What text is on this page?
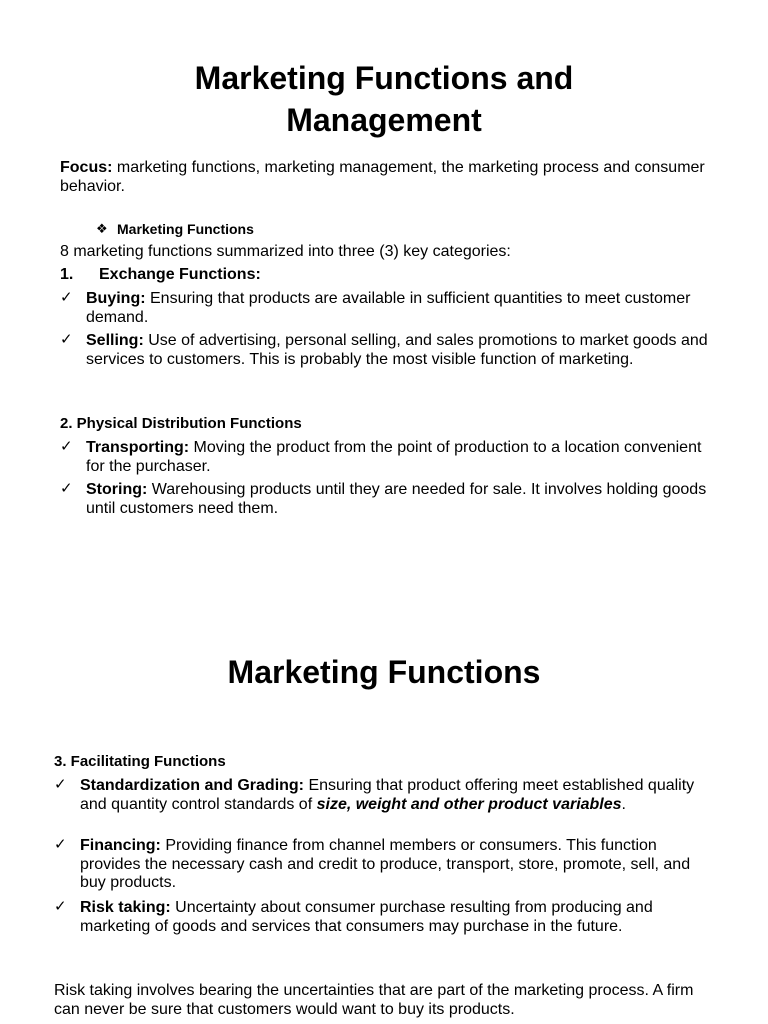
Marketing Functions and
Management
Focus: marketing functions, marketing management, the marketing process and consumer behavior.
❖ Marketing Functions
8 marketing functions summarized into three (3) key categories:
1. Exchange Functions:
✓ Buying: Ensuring that products are available in sufficient quantities to meet customer demand.
✓ Selling: Use of advertising, personal selling, and sales promotions to market goods and services to customers. This is probably the most visible function of marketing.
2. Physical Distribution Functions
✓ Transporting: Moving the product from the point of production to a location convenient for the purchaser.
✓ Storing: Warehousing products until they are needed for sale. It involves holding goods until customers need them.
Marketing Functions
3. Facilitating Functions
✓ Standardization and Grading: Ensuring that product offering meet established quality and quantity control standards of size, weight and other product variables.
✓ Financing: Providing finance from channel members or consumers. This function provides the necessary cash and credit to produce, transport, store, promote, sell, and buy products.
✓ Risk taking: Uncertainty about consumer purchase resulting from producing and marketing of goods and services that consumers may purchase in the future.
Risk taking involves bearing the uncertainties that are part of the marketing process. A firm can never be sure that customers would want to buy its products.
